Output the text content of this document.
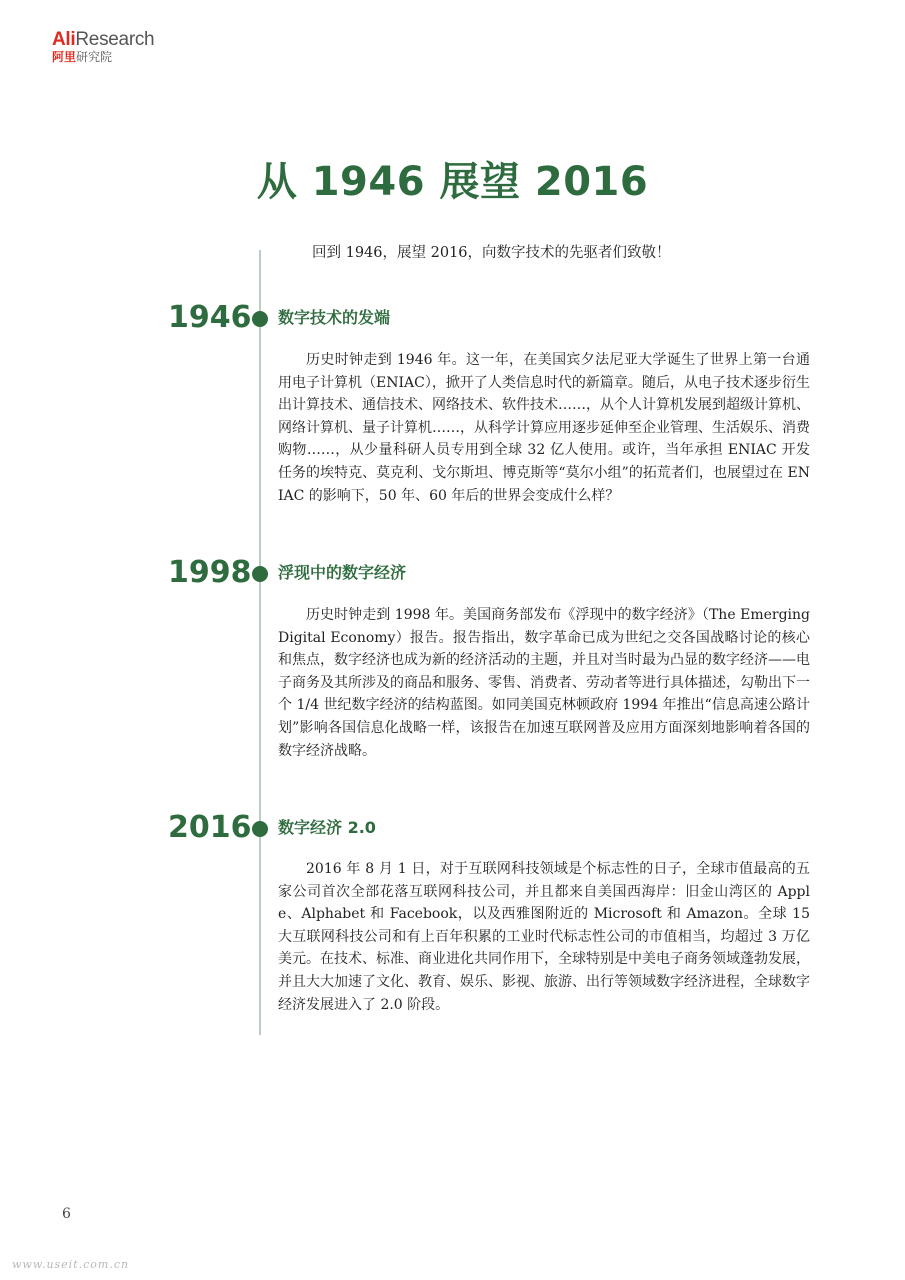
AliResearch
阿里研究院
从 1946 展望 2016
回到 1946，展望 2016，向数字技术的先驱者们致敬！
1946 数字技术的发端

历史时钟走到 1946 年。这一年，在美国宾夕法尼亚大学诞生了世界上第一台通用电子计算机（ENIAC），掀开了人类信息时代的新篇章。随后，从电子技术逐步衍生出计算技术、通信技术、网络技术、软件技术……，从个人计算机发展到超级计算机、网络计算机、量子计算机……，从科学计算应用逐步延伸至企业管理、生活娱乐、消费购物……，从少量科研人员专用到全球 32 亿人使用。或许，当年承担 ENIAC 开发任务的埃特克、莫克利、戈尔斯坦、博克斯等“莫尔小组”的拓荒者们，也展望过在 ENIAC 的影响下，50 年、60 年后的世界会变成什么样？

1998 浮现中的数字经济

历史时钟走到 1998 年。美国商务部发布《浮现中的数字经济》（The Emerging Digital Economy）报告。报告指出，数字革命已成为世纪之交各国战略讨论的核心和焦点，数字经济也成为新的经济活动的主题，并且对当时最为凸显的数字经济——电子商务及其所涉及的商品和服务、零售、消费者、劳动者等进行具体描述，勾勒出下一个 1/4 世纪数字经济的结构蓝图。如同美国克林顿政府 1994 年推出“信息高速公路计划”影响各国信息化战略一样，该报告在加速互联网普及应用方面深刻地影响着各国的数字经济战略。

2016 数字经济 2.0

2016 年 8 月 1 日，对于互联网科技领域是个标志性的日子，全球市值最高的五家公司首次全部花落互联网科技公司，并且都来自美国西海岸：旧金山湾区的 Apple、Alphabet 和 Facebook，以及西雅图附近的 Microsoft 和 Amazon。全球 15 大互联网科技公司和有上百年积累的工业时代标志性公司的市值相当，均超过 3 万亿美元。在技术、标准、商业进化共同作用下，全球特别是中美电子商务领域蓬勃发展，并且大大加速了文化、教育、娱乐、影视、旅游、出行等领域数字经济进程，全球数字经济发展进入了 2.0 阶段。

6
www.useit.com.cn
